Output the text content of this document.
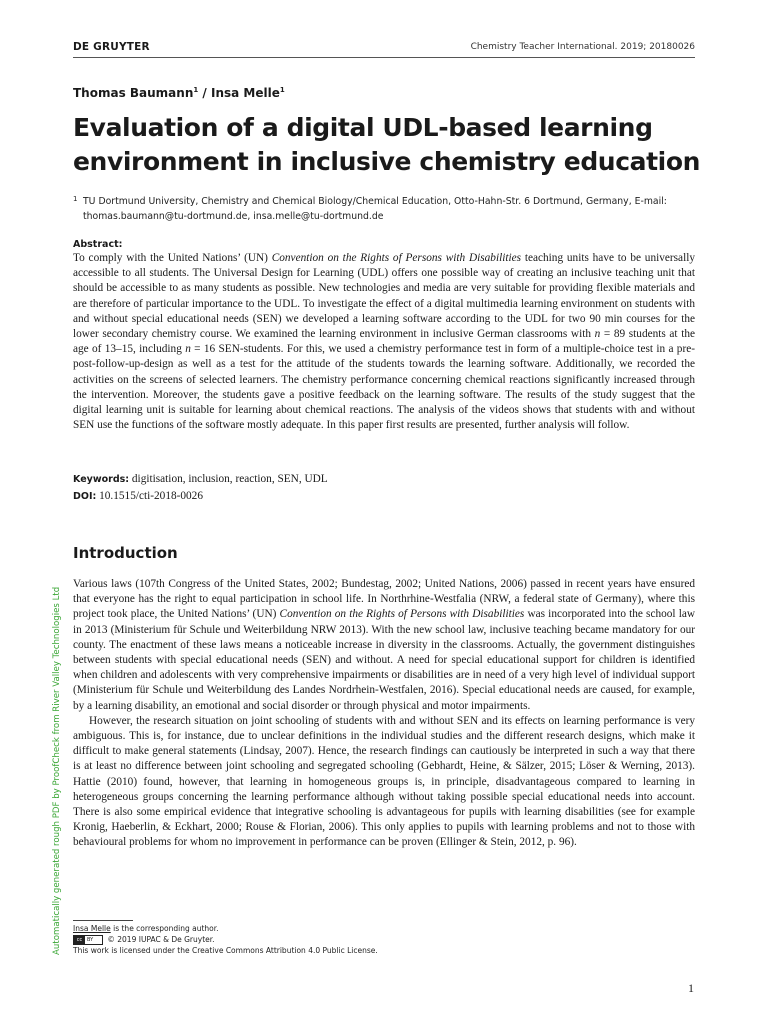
DE GRUYTER	Chemistry Teacher International. 2019; 20180026
Thomas Baumann$^1$ / Insa Melle$^1$
Evaluation of a digital UDL-based learning environment in inclusive chemistry education
1 TU Dortmund University, Chemistry and Chemical Biology/Chemical Education, Otto-Hahn-Str. 6 Dortmund, Germany, E-mail: thomas.baumann@tu-dortmund.de, insa.melle@tu-dortmund.de
Abstract:
To comply with the United Nations’ (UN) Convention on the Rights of Persons with Disabilities teaching units have to be universally accessible to all students. The Universal Design for Learning (UDL) offers one possible way of creating an inclusive teaching unit that should be accessible to as many students as possible. New technologies and media are very suitable for providing flexible materials and are therefore of particular importance to the UDL. To investigate the effect of a digital multimedia learning environment on students with and without special educational needs (SEN) we developed a learning software according to the UDL for two 90 min courses for the lower secondary chemistry course. We examined the learning environment in inclusive German classrooms with n = 89 students at the age of 13–15, including n = 16 SEN-students. For this, we used a chemistry performance test in form of a multiple-choice test in a pre-post-follow-up-design as well as a test for the attitude of the students towards the learning software. Additionally, we recorded the activities on the screens of selected learners. The chemistry performance concerning chemical reactions significantly increased through the intervention. Moreover, the students gave a positive feedback on the learning software. The results of the study suggest that the digital learning unit is suitable for learning about chemical reactions. The analysis of the videos shows that students with and without SEN use the functions of the software mostly adequate. In this paper first results are presented, further analysis will follow.
Keywords: digitisation, inclusion, reaction, SEN, UDL
DOI: 10.1515/cti-2018-0026
Introduction

Various laws (107th Congress of the United States, 2002; Bundestag, 2002; United Nations, 2006) passed in recent years have ensured that everyone has the right to equal participation in school life. In Northrhine-Westfalia (NRW, a federal state of Germany), where this project took place, the United Nations’ (UN) Convention on the Rights of Persons with Disabilities was incorporated into the school law in 2013 (Ministerium für Schule und Weiterbildung NRW 2013). With the new school law, inclusive teaching became mandatory for our county. The enactment of these laws means a noticeable increase in diversity in the classrooms. Actually, the government distinguishes between students with special educational needs (SEN) and without. A need for special educational support for children is identified when children and adolescents with very comprehensive impairments or disabilities are in need of a very high level of individual support (Ministerium für Schule und Weiterbildung des Landes Nordrhein-Westfalen, 2016). Special educational needs are caused, for example, by a learning disability, an emotional and social disorder or through physical and motor impairments.

However, the research situation on joint schooling of students with and without SEN and its effects on learning performance is very ambiguous. This is, for instance, due to unclear definitions in the individual studies and the different research designs, which make it difficult to make general statements (Lindsay, 2007). Hence, the research findings can cautiously be interpreted in such a way that there is at least no difference between joint schooling and segregated schooling (Gebhardt, Heine, & Sälzer, 2015; Löser & Werning, 2013). Hattie (2010) found, however, that learning in homogeneous groups is, in principle, disadvantageous compared to learning in heterogeneous groups concerning the learning performance although without taking possible special educational needs into account. There is also some empirical evidence that integrative schooling is advantageous for pupils with learning disabilities (see for example Kronig, Haeberlin, & Eckhart, 2000; Rouse & Florian, 2006). This only applies to pupils with learning problems and not to those with behavioural problems for whom no improvement in performance can be proven (Ellinger & Stein, 2012, p. 96).

Insa Melle is the corresponding author.
cc BY © 2019 IUPAC & De Gruyter.
This work is licensed under the Creative Commons Attribution 4.0 Public License.
Automatically generated rough PDF by ProofCheck from River Valley Technologies Ltd
1
